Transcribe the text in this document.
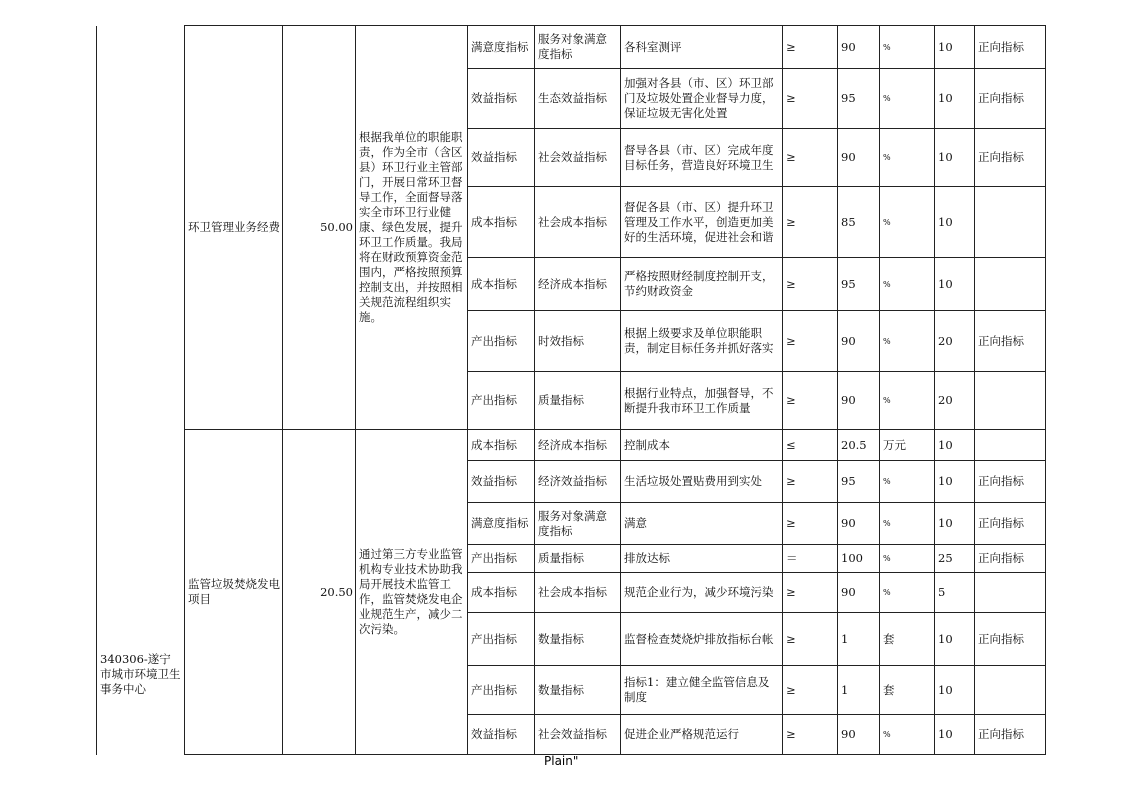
340306-遂宁市城市环境卫生事务中心	环卫管理业务经费	50.00	根据我单位的职能职责，作为全市（含区县）环卫行业主管部门，开展日常环卫督导工作，全面督导落实全市环卫行业健康、绿色发展，提升环卫工作质量。我局将在财政预算资金范围内，严格按照预算控制支出，并按照相关规范流程组织实施。	满意度指标	服务对象满意度指标	各科室测评	≥	90	%	10	正向指标
				效益指标	生态效益指标	加强对各县（市、区）环卫部门及垃圾处置企业督导力度，保证垃圾无害化处置	≥	95	%	10	正向指标
				效益指标	社会效益指标	督导各县（市、区）完成年度目标任务，营造良好环境卫生	≥	90	%	10	正向指标
				成本指标	社会成本指标	督促各县（市、区）提升环卫管理及工作水平，创造更加美好的生活环境，促进社会和谐	≥	85	%	10	
				成本指标	经济成本指标	严格按照财经制度控制开支，节约财政资金	≥	95	%	10	
				产出指标	时效指标	根据上级要求及单位职能职责，制定目标任务并抓好落实	≥	90	%	20	正向指标
				产出指标	质量指标	根据行业特点，加强督导，不断提升我市环卫工作质量	≥	90	%	20	
	监管垃圾焚烧发电项目	20.50	通过第三方专业监管机构专业技术协助我局开展技术监管工作，监管焚烧发电企业规范生产，减少二次污染。	成本指标	经济成本指标	控制成本	≤	20.5	万元	10	
				效益指标	经济效益指标	生活垃圾处置贴费用到实处	≥	95	%	10	正向指标
				满意度指标	服务对象满意度指标	满意	≥	90	%	10	正向指标
				产出指标	质量指标	排放达标	＝	100	%	25	正向指标
				成本指标	社会成本指标	规范企业行为，减少环境污染	≥	90	%	5	
				产出指标	数量指标	监督检查焚烧炉排放指标台帐	≥	1	套	10	正向指标
				产出指标	数量指标	指标1：建立健全监管信息及制度	≥	1	套	10	
				效益指标	社会效益指标	促进企业严格规范运行	≥	90	%	10	正向指标
Plain"
